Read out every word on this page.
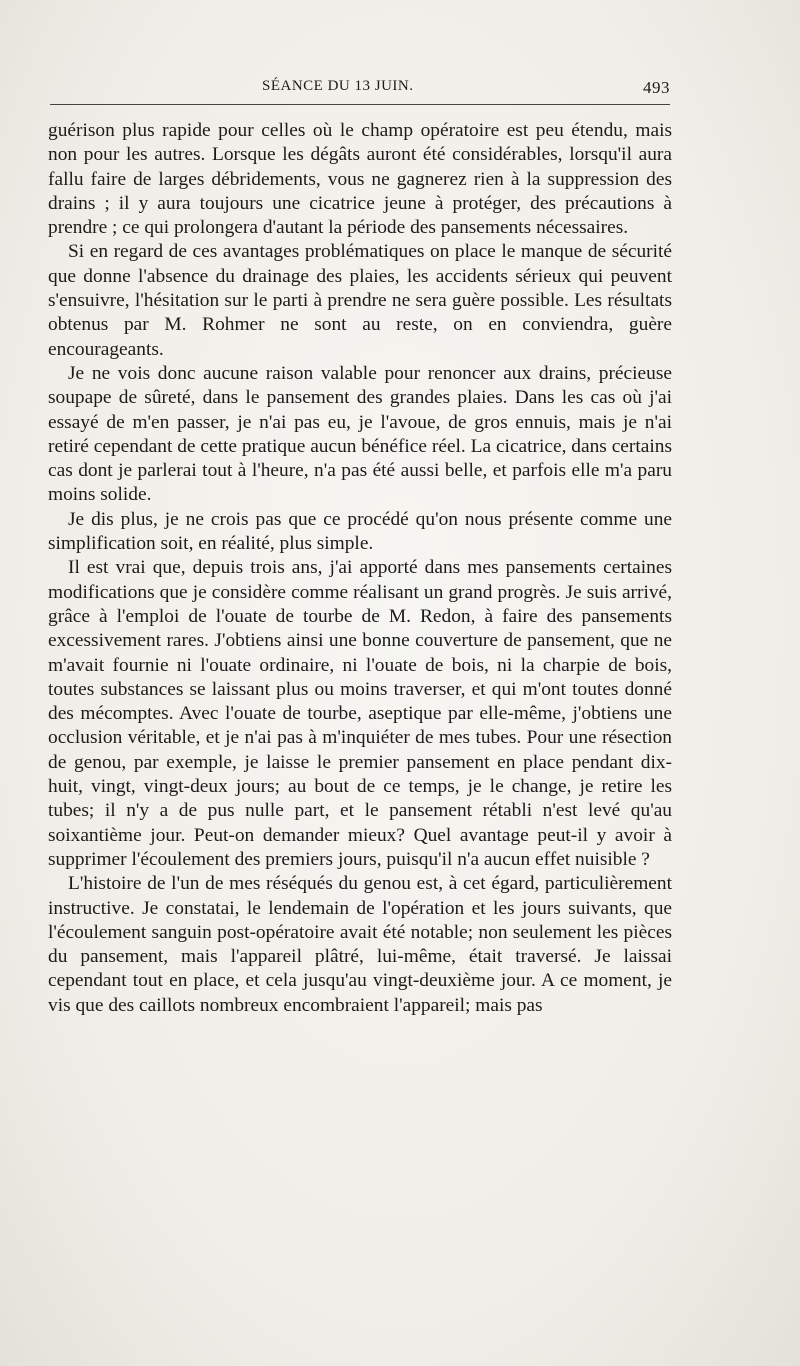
SÉANCE DU 13 JUIN.	493

guérison plus rapide pour celles où le champ opératoire est peu étendu, mais non pour les autres. Lorsque les dégâts auront été considérables, lorsqu'il aura fallu faire de larges débridements, vous ne gagnerez rien à la suppression des drains ; il y aura toujours une cicatrice jeune à protéger, des précautions à prendre ; ce qui prolongera d'autant la période des pansements nécessaires.

Si en regard de ces avantages problématiques on place le manque de sécurité que donne l'absence du drainage des plaies, les accidents sérieux qui peuvent s'ensuivre, l'hésitation sur le parti à prendre ne sera guère possible. Les résultats obtenus par M. Rohmer ne sont au reste, on en conviendra, guère encourageants.

Je ne vois donc aucune raison valable pour renoncer aux drains, précieuse soupape de sûreté, dans le pansement des grandes plaies. Dans les cas où j'ai essayé de m'en passer, je n'ai pas eu, je l'avoue, de gros ennuis, mais je n'ai retiré cependant de cette pratique aucun bénéfice réel. La cicatrice, dans certains cas dont je parlerai tout à l'heure, n'a pas été aussi belle, et parfois elle m'a paru moins solide.

Je dis plus, je ne crois pas que ce procédé qu'on nous présente comme une simplification soit, en réalité, plus simple.

Il est vrai que, depuis trois ans, j'ai apporté dans mes pansements certaines modifications que je considère comme réalisant un grand progrès. Je suis arrivé, grâce à l'emploi de l'ouate de tourbe de M. Redon, à faire des pansements excessivement rares. J'obtiens ainsi une bonne couverture de pansement, que ne m'avait fournie ni l'ouate ordinaire, ni l'ouate de bois, ni la charpie de bois, toutes substances se laissant plus ou moins traverser, et qui m'ont toutes donné des mécomptes. Avec l'ouate de tourbe, aseptique par elle-même, j'obtiens une occlusion véritable, et je n'ai pas à m'inquiéter de mes tubes. Pour une résection de genou, par exemple, je laisse le premier pansement en place pendant dix-huit, vingt, vingt-deux jours; au bout de ce temps, je le change, je retire les tubes; il n'y a de pus nulle part, et le pansement rétabli n'est levé qu'au soixantième jour. Peut-on demander mieux? Quel avantage peut-il y avoir à supprimer l'écoulement des premiers jours, puisqu'il n'a aucun effet nuisible ?

L'histoire de l'un de mes réséqués du genou est, à cet égard, particulièrement instructive. Je constatai, le lendemain de l'opération et les jours suivants, que l'écoulement sanguin post-opératoire avait été notable; non seulement les pièces du pansement, mais l'appareil plâtré, lui-même, était traversé. Je laissai cependant tout en place, et cela jusqu'au vingt-deuxième jour. A ce moment, je vis que des caillots nombreux encombraient l'appareil; mais pas
